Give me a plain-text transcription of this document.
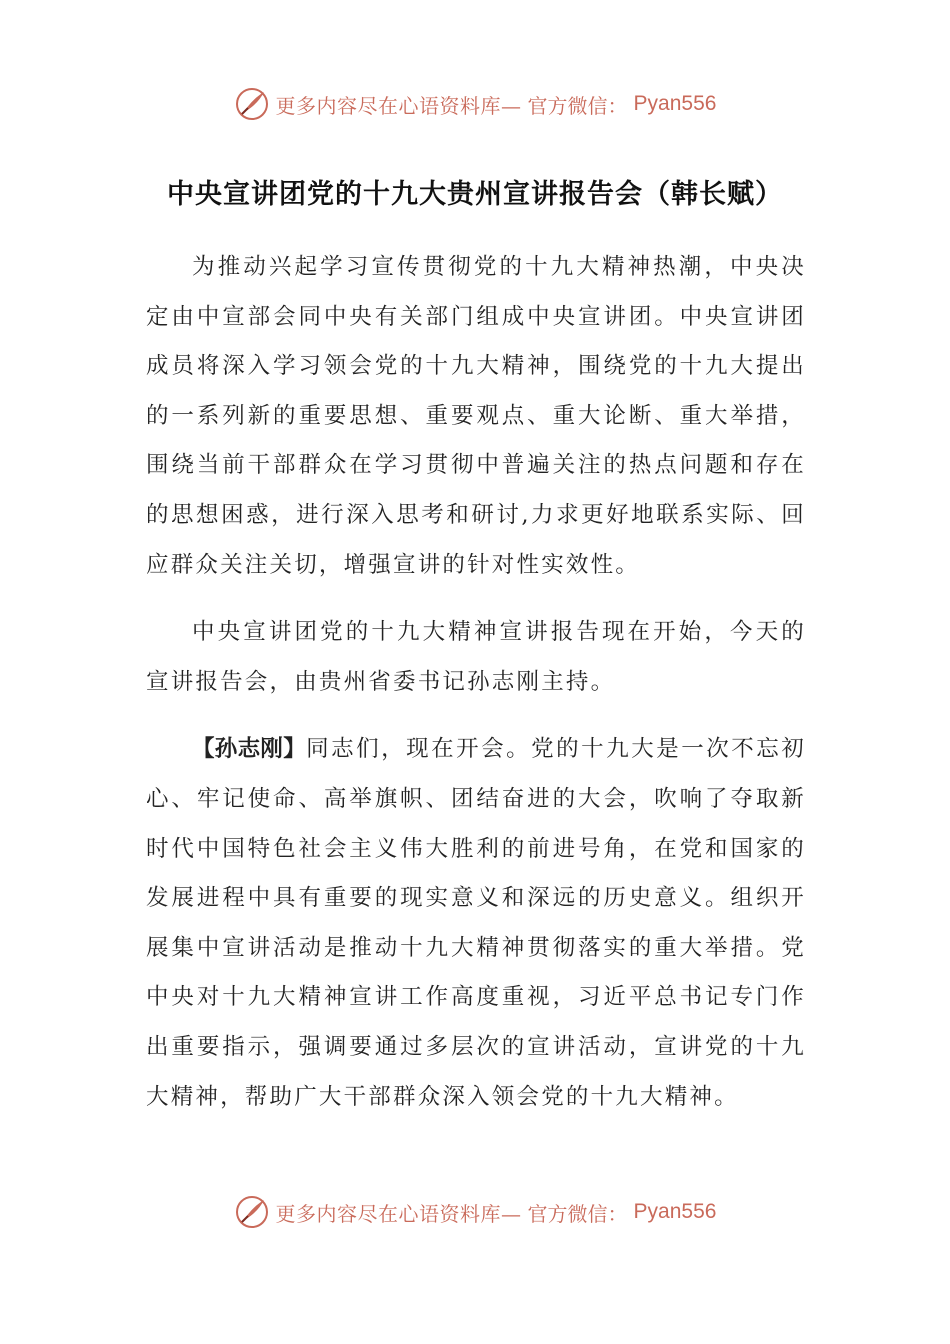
更多内容尽在心语资料库— 官方微信： Pyan556
中央宣讲团党的十九大贵州宣讲报告会（韩长赋）

为推动兴起学习宣传贯彻党的十九大精神热潮，中央决定由中宣部会同中央有关部门组成中央宣讲团。中央宣讲团成员将深入学习领会党的十九大精神，围绕党的十九大提出的一系列新的重要思想、重要观点、重大论断、重大举措，围绕当前干部群众在学习贯彻中普遍关注的热点问题和存在的思想困惑，进行深入思考和研讨,力求更好地联系实际、回应群众关注关切，增强宣讲的针对性实效性。

中央宣讲团党的十九大精神宣讲报告现在开始，今天的宣讲报告会，由贵州省委书记孙志刚主持。

【孙志刚】同志们，现在开会。党的十九大是一次不忘初心、牢记使命、高举旗帜、团结奋进的大会，吹响了夺取新时代中国特色社会主义伟大胜利的前进号角，在党和国家的发展进程中具有重要的现实意义和深远的历史意义。组织开展集中宣讲活动是推动十九大精神贯彻落实的重大举措。党中央对十九大精神宣讲工作高度重视，习近平总书记专门作出重要指示，强调要通过多层次的宣讲活动，宣讲党的十九大精神，帮助广大干部群众深入领会党的十九大精神。

更多内容尽在心语资料库— 官方微信： Pyan556
